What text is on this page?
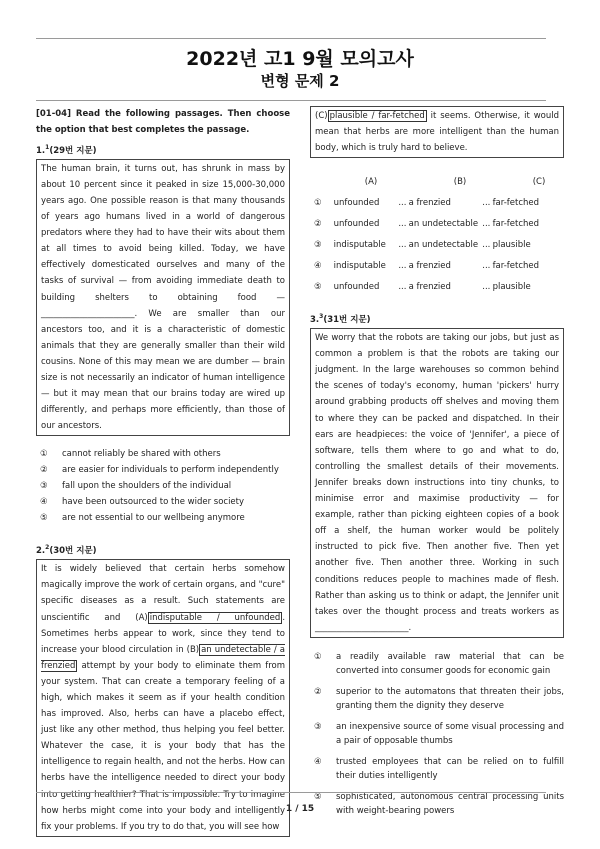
2022년 고1 9월 모의고사
변형 문제 2
[01-04] Read the following passages. Then choose the option that best completes the passage.
1.$^1$(29번 지문)
The human brain, it turns out, has shrunk in mass by about 10 percent since it peaked in size 15,000-30,000 years ago. One possible reason is that many thousands of years ago humans lived in a world of dangerous predators where they had to have their wits about them at all times to avoid being killed. Today, we have effectively domesticated ourselves and many of the tasks of survival — from avoiding immediate death to building shelters to obtaining food — ______________________. We are smaller than our ancestors too, and it is a characteristic of domestic animals that they are generally smaller than their wild cousins. None of this may mean we are dumber — brain size is not necessarily an indicator of human intelligence — but it may mean that our brains today are wired up differently, and perhaps more efficiently, than those of our ancestors.
①	cannot reliably be shared with others
②	are easier for individuals to perform independently
③	fall upon the shoulders of the individual
④	have been outsourced to the wider society
⑤	are not essential to our wellbeing anymore
2.$^2$(30번 지문)
It is widely believed that certain herbs somehow magically improve the work of certain organs, and "cure" specific diseases as a result. Such statements are unscientific and (A) indisputable / unfounded . Sometimes herbs appear to work, since they tend to increase your blood circulation in (B) an undetectable / a frenzied attempt by your body to eliminate them from your system. That can create a temporary feeling of a high, which makes it seem as if your health condition has improved. Also, herbs can have a placebo effect, just like any other method, thus helping you feel better. Whatever the case, it is your body that has the intelligence to regain health, and not the herbs. How can herbs have the intelligence needed to direct your body into getting healthier? That is impossible. Try to imagine how herbs might come into your body and intelligently fix your problems. If you try to do that, you will see how
(C) plausible / far-fetched it seems. Otherwise, it would mean that herbs are more intelligent than the human body, which is truly hard to believe.
(A)	(B)	(C)
①	unfounded	... a frenzied	... far-fetched
②	unfounded	... an undetectable ... far-fetched
③	indisputable	... an undetectable ... plausible
④	indisputable	... a frenzied	... far-fetched
⑤	unfounded	... a frenzied	... plausible
3.$^3$(31번 지문)
We worry that the robots are taking our jobs, but just as common a problem is that the robots are taking our judgment. In the large warehouses so common behind the scenes of today's economy, human 'pickers' hurry around grabbing products off shelves and moving them to where they can be packed and dispatched. In their ears are headpieces: the voice of 'Jennifer', a piece of software, tells them where to go and what to do, controlling the smallest details of their movements. Jennifer breaks down instructions into tiny chunks, to minimise error and maximise productivity — for example, rather than picking eighteen copies of a book off a shelf, the human worker would be politely instructed to pick five. Then another five. Then yet another five. Then another three. Working in such conditions reduces people to machines made of flesh. Rather than asking us to think or adapt, the Jennifer unit takes over the thought process and treats workers as ______________________.
①	a readily available raw material that can be converted into consumer goods for economic gain
②	superior to the automatons that threaten their jobs, granting them the dignity they deserve
③	an inexpensive source of some visual processing and a pair of opposable thumbs
④	trusted employees that can be relied on to fulfill their duties intelligently
⑤	sophisticated, autonomous central processing units with weight-bearing powers
1 / 15
